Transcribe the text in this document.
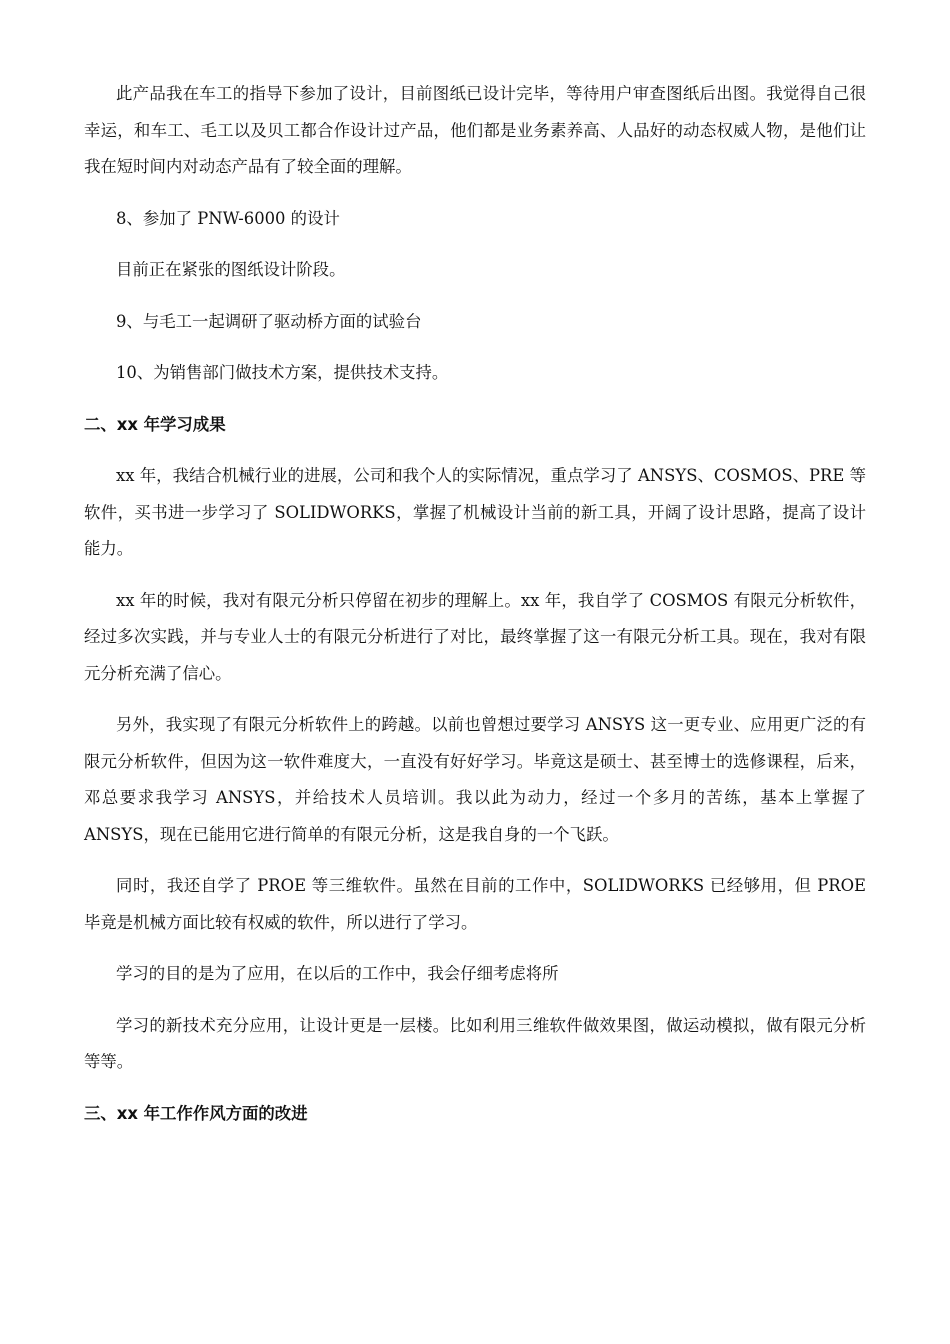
此产品我在车工的指导下参加了设计，目前图纸已设计完毕，等待用户审查图纸后出图。我觉得自己很幸运，和车工、毛工以及贝工都合作设计过产品，他们都是业务素养高、人品好的动态权威人物，是他们让我在短时间内对动态产品有了较全面的理解。

8、参加了 PNW-6000 的设计

目前正在紧张的图纸设计阶段。

9、与毛工一起调研了驱动桥方面的试验台

10、为销售部门做技术方案，提供技术支持。

二、xx 年学习成果

xx 年，我结合机械行业的进展，公司和我个人的实际情况，重点学习了 ANSYS、COSMOS、PRE 等软件，买书进一步学习了 SOLIDWORKS，掌握了机械设计当前的新工具，开阔了设计思路，提高了设计能力。

xx 年的时候，我对有限元分析只停留在初步的理解上。xx 年，我自学了 COSMOS 有限元分析软件，经过多次实践，并与专业人士的有限元分析进行了对比，最终掌握了这一有限元分析工具。现在，我对有限元分析充满了信心。

另外，我实现了有限元分析软件上的跨越。以前也曾想过要学习 ANSYS 这一更专业、应用更广泛的有限元分析软件，但因为这一软件难度大，一直没有好好学习。毕竟这是硕士、甚至博士的选修课程，后来，邓总要求我学习 ANSYS，并给技术人员培训。我以此为动力，经过一个多月的苦练，基本上掌握了 ANSYS，现在已能用它进行简单的有限元分析，这是我自身的一个飞跃。

同时，我还自学了 PROE 等三维软件。虽然在目前的工作中，SOLIDWORKS 已经够用，但 PROE 毕竟是机械方面比较有权威的软件，所以进行了学习。

学习的目的是为了应用，在以后的工作中，我会仔细考虑将所

学习的新技术充分应用，让设计更是一层楼。比如利用三维软件做效果图，做运动模拟，做有限元分析等等。

三、xx 年工作作风方面的改进
